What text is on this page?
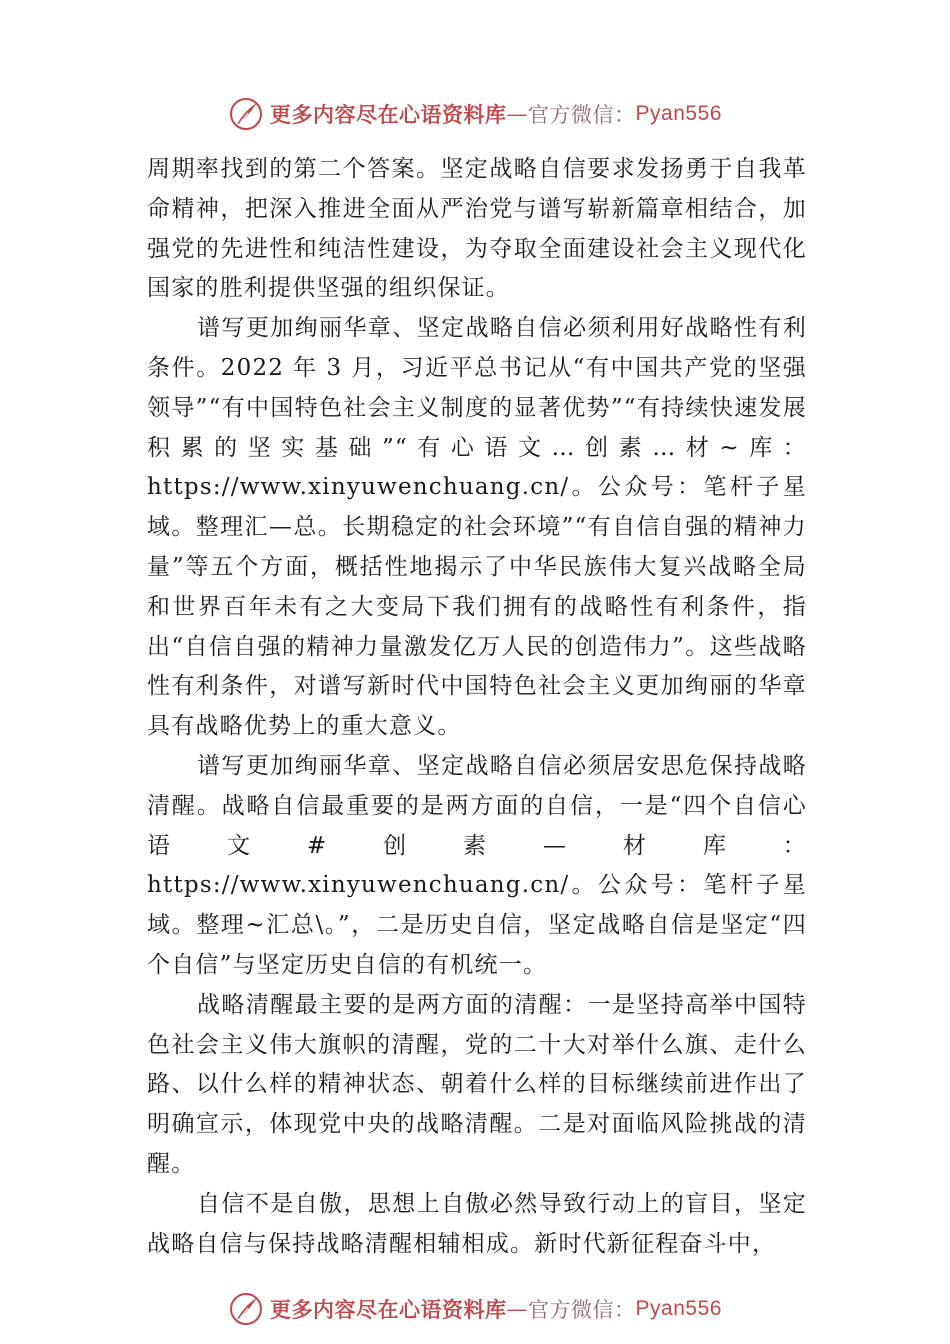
更多内容尽在心语资料库 — 官方微信： Pyan556

周期率找到的第二个答案。坚定战略自信要求发扬勇于自我革命精神，把深入推进全面从严治党与谱写崭新篇章相结合，加强党的先进性和纯洁性建设，为夺取全面建设社会主义现代化国家的胜利提供坚强的组织保证。

谱写更加绚丽华章、坚定战略自信必须利用好战略性有利条件。2022 年 3 月，习近平总书记从“有中国共产党的坚强领导”“有中国特色社会主义制度的显著优势”“有持续快速发展积累的坚实基础”“有心语文…创素…材~库：https://www.xinyuwenchuang.cn/。公众号：笔杆子星域。整理汇—总。长期稳定的社会环境”“有自信自强的精神力量”等五个方面，概括性地揭示了中华民族伟大复兴战略全局和世界百年未有之大变局下我们拥有的战略性有利条件，指出“自信自强的精神力量激发亿万人民的创造伟力”。这些战略性有利条件，对谱写新时代中国特色社会主义更加绚丽的华章具有战略优势上的重大意义。

谱写更加绚丽华章、坚定战略自信必须居安思危保持战略清醒。战略自信最重要的是两方面的自信，一是“四个自信心语文#创素—材库：https://www.xinyuwenchuang.cn/。公众号：笔杆子星域。整理~汇总\。”，二是历史自信，坚定战略自信是坚定“四个自信”与坚定历史自信的有机统一。

战略清醒最主要的是两方面的清醒：一是坚持高举中国特色社会主义伟大旗帜的清醒，党的二十大对举什么旗、走什么路、以什么样的精神状态、朝着什么样的目标继续前进作出了明确宣示，体现党中央的战略清醒。二是对面临风险挑战的清醒。

自信不是自傲，思想上自傲必然导致行动上的盲目，坚定战略自信与保持战略清醒相辅相成。新时代新征程奋斗中，

更多内容尽在心语资料库 — 官方微信： Pyan556
